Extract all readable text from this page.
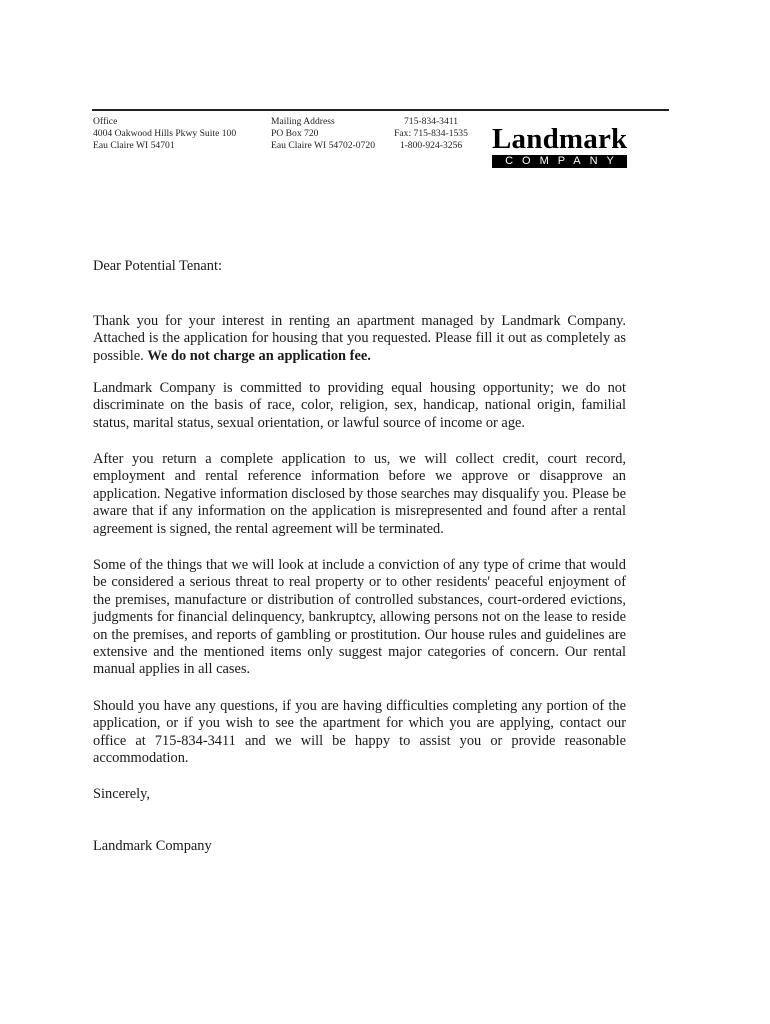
Office
4004 Oakwood Hills Pkwy Suite 100
Eau Claire WI 54701
Mailing Address
PO Box 720
Eau Claire WI 54702-0720
715-834-3411
Fax: 715-834-1535
1-800-924-3256	Landmark
COMPANY

Dear Potential Tenant:

Thank you for your interest in renting an apartment managed by Landmark Company. Attached is the application for housing that you requested. Please fill it out as completely as possible. We do not charge an application fee.

Landmark Company is committed to providing equal housing opportunity; we do not discriminate on the basis of race, color, religion, sex, handicap, national origin, familial status, marital status, sexual orientation, or lawful source of income or age.

After you return a complete application to us, we will collect credit, court record, employment and rental reference information before we approve or disapprove an application. Negative information disclosed by those searches may disqualify you. Please be aware that if any information on the application is misrepresented and found after a rental agreement is signed, the rental agreement will be terminated.

Some of the things that we will look at include a conviction of any type of crime that would be considered a serious threat to real property or to other residents' peaceful enjoyment of the premises, manufacture or distribution of controlled substances, court-ordered evictions, judgments for financial delinquency, bankruptcy, allowing persons not on the lease to reside on the premises, and reports of gambling or prostitution. Our house rules and guidelines are extensive and the mentioned items only suggest major categories of concern. Our rental manual applies in all cases.

Should you have any questions, if you are having difficulties completing any portion of the application, or if you wish to see the apartment for which you are applying, contact our office at 715-834-3411 and we will be happy to assist you or provide reasonable accommodation.

Sincerely,

Landmark Company
